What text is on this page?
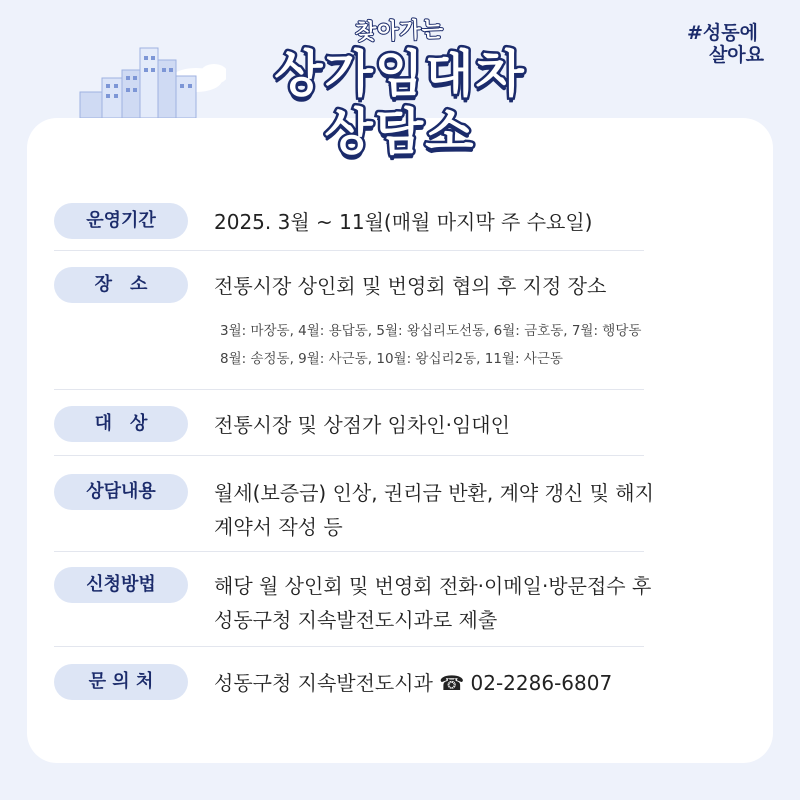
찾아가는
상가임대차
상담소
#성동에
살아요
운영기간	2025. 3월 ~ 11월(매월 마지막 주 수요일)
장　소	전통시장 상인회 및 번영회 협의 후 지정 장소
3월: 마장동, 4월: 용답동, 5월: 왕십리도선동, 6월: 금호동, 7월: 행당동
8월: 송정동, 9월: 사근동, 10월: 왕십리2동, 11월: 사근동
대　상	전통시장 및 상점가 임차인·임대인
상담내용	월세(보증금) 인상, 권리금 반환, 계약 갱신 및 해지
계약서 작성 등
신청방법	해당 월 상인회 및 번영회 전화·이메일·방문접수 후
성동구청 지속발전도시과로 제출
문 의 처	성동구청 지속발전도시과 ☎ 02-2286-6807
